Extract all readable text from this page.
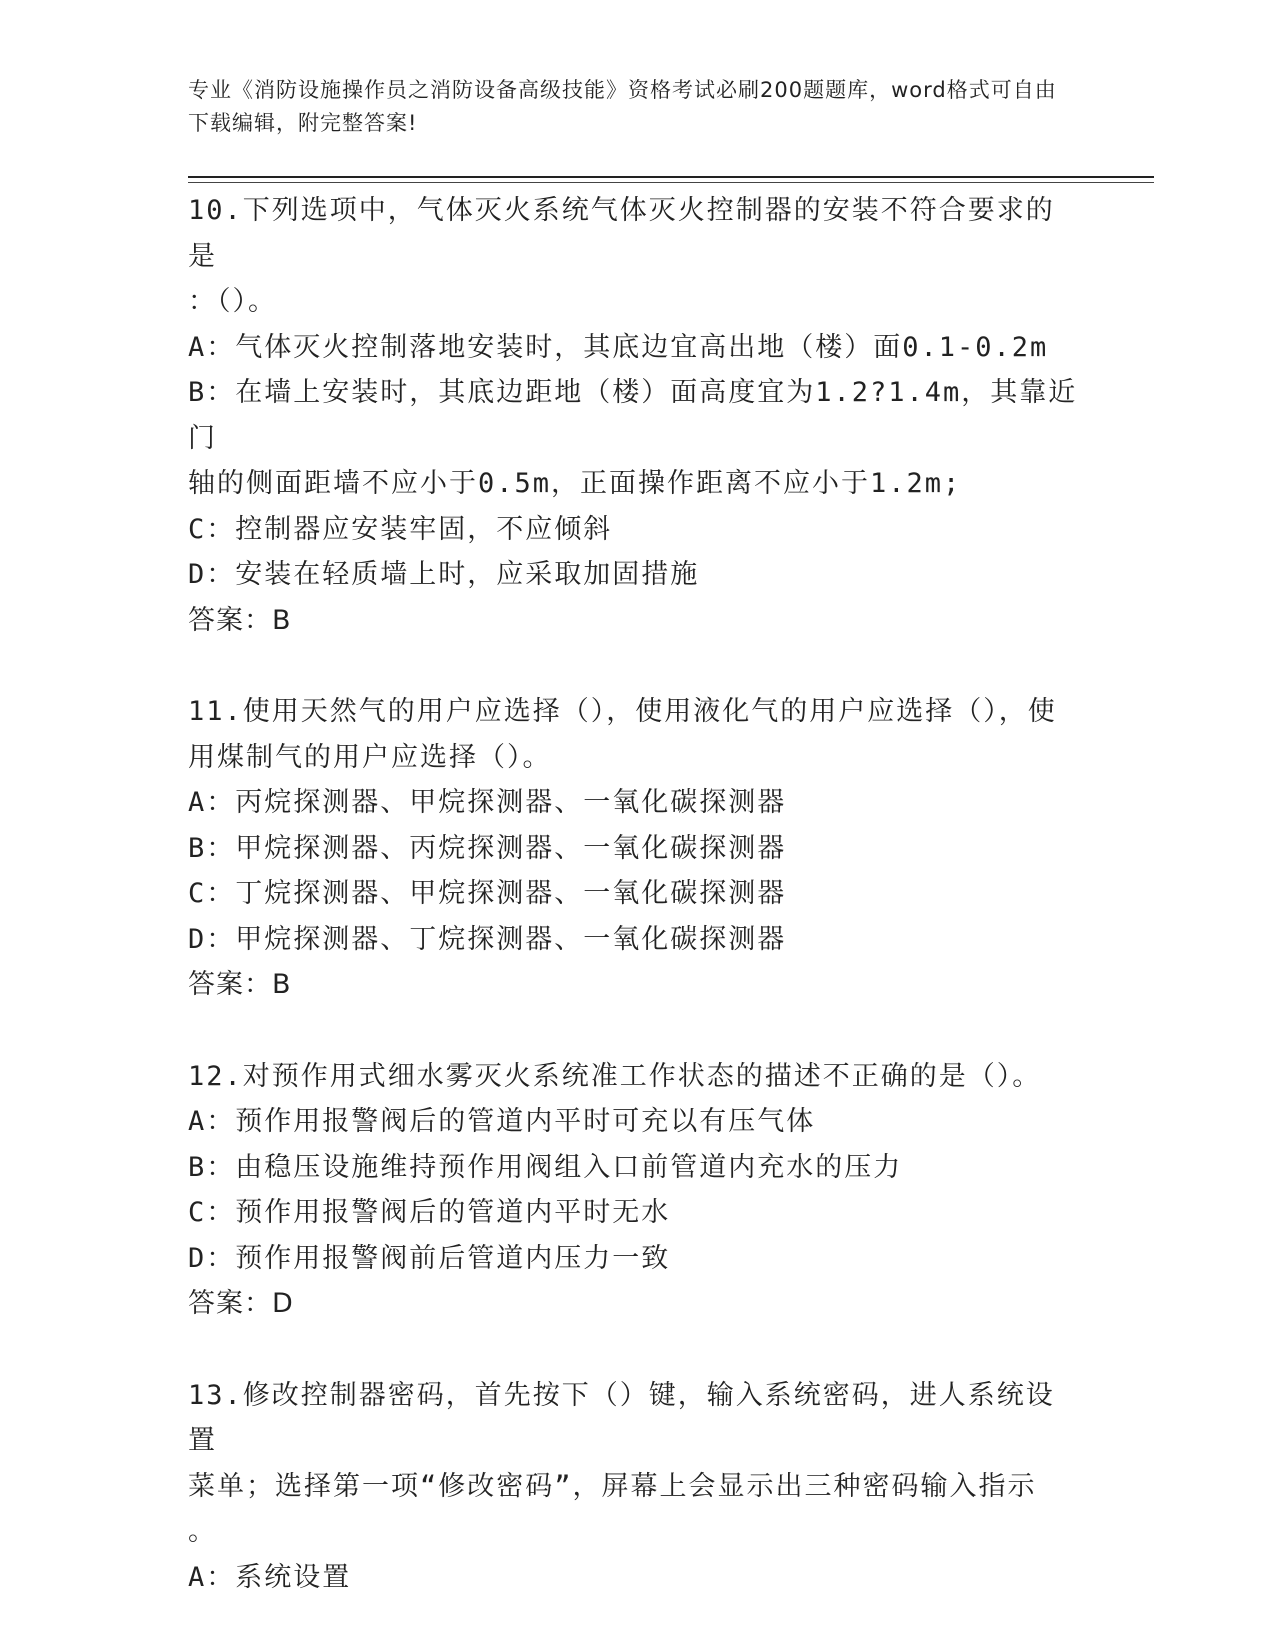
专业《消防设施操作员之消防设备高级技能》资格考试必刷200题题库，word格式可自由下载编辑，附完整答案!
10.下列选项中，气体灭火系统气体灭火控制器的安装不符合要求的是
：（）。
A：气体灭火控制落地安装时，其底边宜高出地（楼）面0.1-0.2m
B：在墙上安装时，其底边距地（楼）面高度宜为1.2?1.4m，其靠近门
轴的侧面距墙不应小于0.5m，正面操作距离不应小于1.2m;
C：控制器应安装牢固，不应倾斜
D：安装在轻质墙上时，应采取加固措施
答案：B
11.使用天然气的用户应选择（），使用液化气的用户应选择（），使
用煤制气的用户应选择（）。
A：丙烷探测器、甲烷探测器、一氧化碳探测器
B：甲烷探测器、丙烷探测器、一氧化碳探测器
C：丁烷探测器、甲烷探测器、一氧化碳探测器
D：甲烷探测器、丁烷探测器、一氧化碳探测器
答案：B
12.对预作用式细水雾灭火系统准工作状态的描述不正确的是（）。
A：预作用报警阀后的管道内平时可充以有压气体
B：由稳压设施维持预作用阀组入口前管道内充水的压力
C：预作用报警阀后的管道内平时无水
D：预作用报警阀前后管道内压力一致
答案：D
13.修改控制器密码，首先按下（）键，输入系统密码，进人系统设置
菜单；选择第一项“修改密码”，屏幕上会显示出三种密码输入指示
。
A：系统设置
